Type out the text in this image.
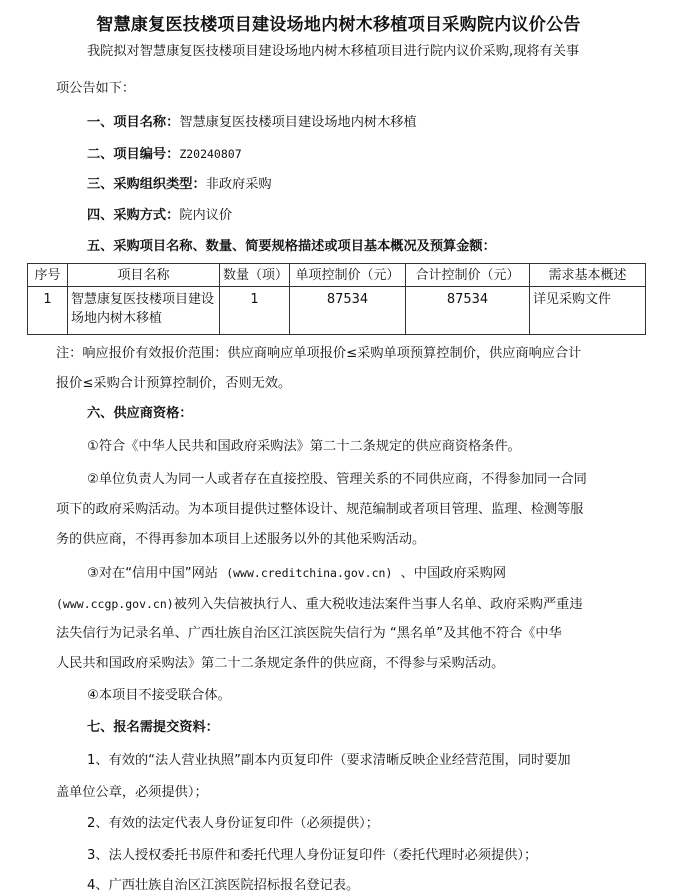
智慧康复医技楼项目建设场地内树木移植项目采购院内议价公告
我院拟对智慧康复医技楼项目建设场地内树木移植项目进行院内议价采购,现将有关事
项公告如下：
一、项目名称：智慧康复医技楼项目建设场地内树木移植
二、项目编号：Z20240807
三、采购组织类型：非政府采购
四、采购方式：院内议价
五、采购项目名称、数量、简要规格描述或项目基本概况及预算金额：
序号	项目名称	数量（项）	单项控制价（元）	合计控制价（元）	需求基本概述
1	智慧康复医技楼项目建设场地内树木移植	1	87534	87534	详见采购文件
注：响应报价有效报价范围：供应商响应单项报价≤采购单项预算控制价，供应商响应合计
报价≤采购合计预算控制价，否则无效。
六、供应商资格：
①符合《中华人民共和国政府采购法》第二十二条规定的供应商资格条件。
②单位负责人为同一人或者存在直接控股、管理关系的不同供应商，不得参加同一合同
项下的政府采购活动。为本项目提供过整体设计、规范编制或者项目管理、监理、检测等服
务的供应商，不得再参加本项目上述服务以外的其他采购活动。
③对在“信用中国”网站 (www.creditchina.gov.cn) 、中国政府采购网
(www.ccgp.gov.cn)被列入失信被执行人、重大税收违法案件当事人名单、政府采购严重违
法失信行为记录名单、广西壮族自治区江滨医院失信行为 “黑名单”及其他不符合《中华
人民共和国政府采购法》第二十二条规定条件的供应商，不得参与采购活动。
④本项目不接受联合体。
七、报名需提交资料：
1、有效的“法人营业执照”副本内页复印件（要求清晰反映企业经营范围，同时要加
盖单位公章，必须提供）；
2、有效的法定代表人身份证复印件（必须提供）；
3、法人授权委托书原件和委托代理人身份证复印件（委托代理时必须提供）；
4、广西壮族自治区江滨医院招标报名登记表。
